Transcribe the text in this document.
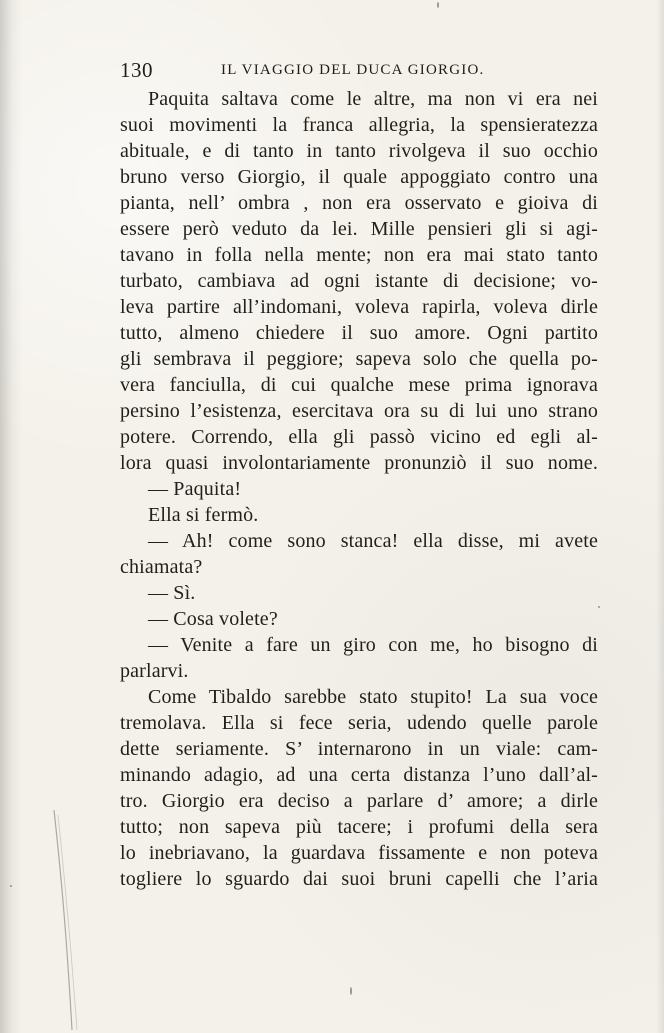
130	IL VIAGGIO DEL DUCA GIORGIO.
Paquita saltava come le altre, ma non vi era nei
suoi movimenti la franca allegria, la spensieratezza
abituale, e di tanto in tanto rivolgeva il suo occhio
bruno verso Giorgio, il quale appoggiato contro una
pianta, nell’ ombra , non era osservato e gioiva di
essere però veduto da lei. Mille pensieri gli si agi-
tavano in folla nella mente; non era mai stato tanto
turbato, cambiava ad ogni istante di decisione; vo-
leva partire all’indomani, voleva rapirla, voleva dirle
tutto, almeno chiedere il suo amore. Ogni partito
gli sembrava il peggiore; sapeva solo che quella po-
vera fanciulla, di cui qualche mese prima ignorava
persino l’esistenza, esercitava ora su di lui uno strano
potere. Correndo, ella gli passò vicino ed egli al-
lora quasi involontariamente pronunziò il suo nome.
— Paquita!
Ella si fermò.
— Ah! come sono stanca! ella disse, mi avete
chiamata?
— Sì.
— Cosa volete?
— Venite a fare un giro con me, ho bisogno di
parlarvi.
Come Tibaldo sarebbe stato stupito! La sua voce
tremolava. Ella si fece seria, udendo quelle parole
dette seriamente. S’ internarono in un viale: cam-
minando adagio, ad una certa distanza l’uno dall’al-
tro. Giorgio era deciso a parlare d’ amore; a dirle
tutto; non sapeva più tacere; i profumi della sera
lo inebriavano, la guardava fissamente e non poteva
togliere lo sguardo dai suoi bruni capelli che l’aria
